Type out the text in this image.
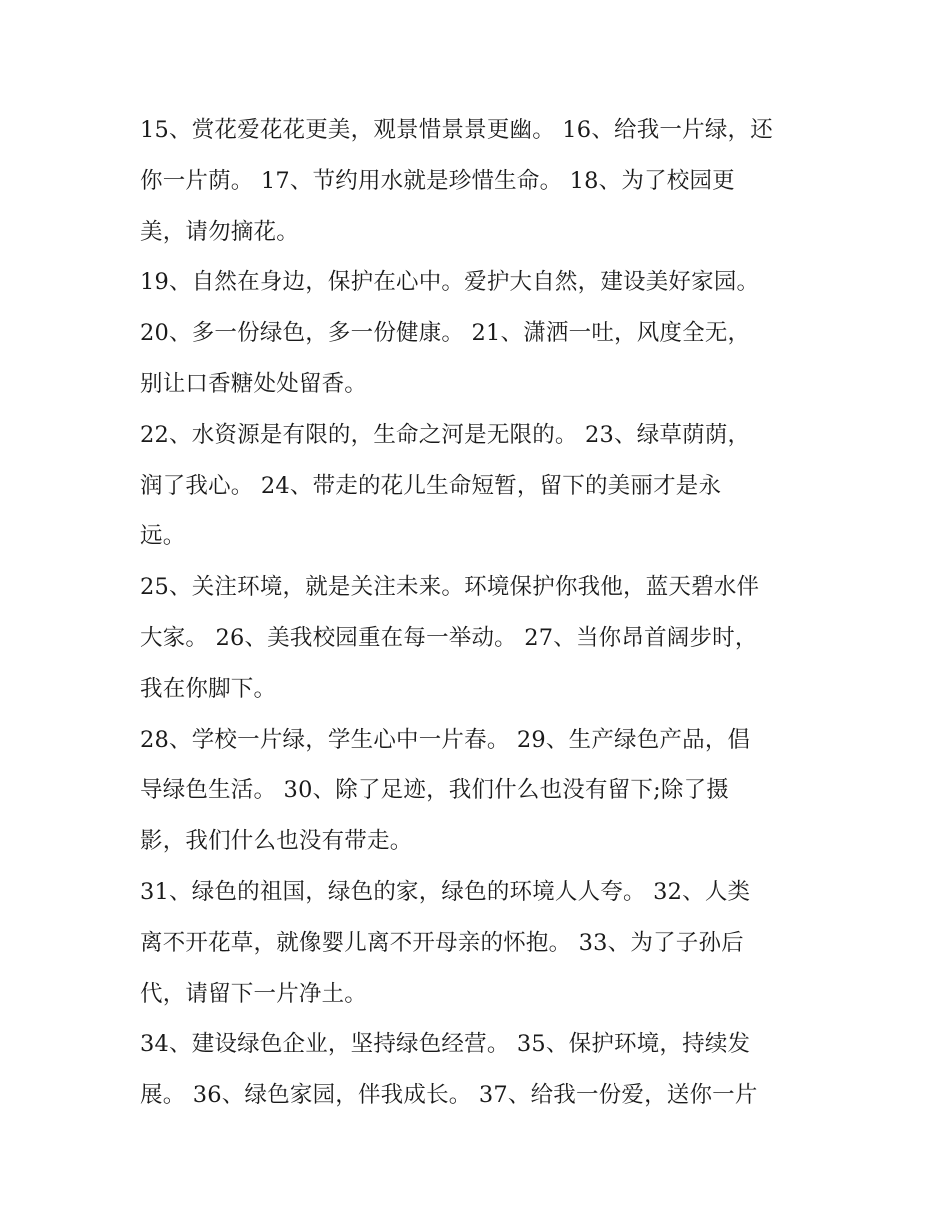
15、赏花爱花花更美，观景惜景景更幽。 16、给我一片绿，还
你一片荫。 17、节约用水就是珍惜生命。 18、为了校园更
美，请勿摘花。
19、自然在身边，保护在心中。爱护大自然，建设美好家园。
20、多一份绿色，多一份健康。 21、潇洒一吐，风度全无，
别让口香糖处处留香。
22、水资源是有限的，生命之河是无限的。 23、绿草荫荫，
润了我心。 24、带走的花儿生命短暂，留下的美丽才是永
远。
25、关注环境，就是关注未来。环境保护你我他，蓝天碧水伴
大家。 26、美我校园重在每一举动。 27、当你昂首阔步时，
我在你脚下。
28、学校一片绿，学生心中一片春。 29、生产绿色产品，倡
导绿色生活。 30、除了足迹，我们什么也没有留下;除了摄
影，我们什么也没有带走。
31、绿色的祖国，绿色的家，绿色的环境人人夸。 32、人类
离不开花草，就像婴儿离不开母亲的怀抱。 33、为了子孙后
代，请留下一片净土。
34、建设绿色企业，坚持绿色经营。 35、保护环境，持续发
展。 36、绿色家园，伴我成长。 37、给我一份爱，送你一片
